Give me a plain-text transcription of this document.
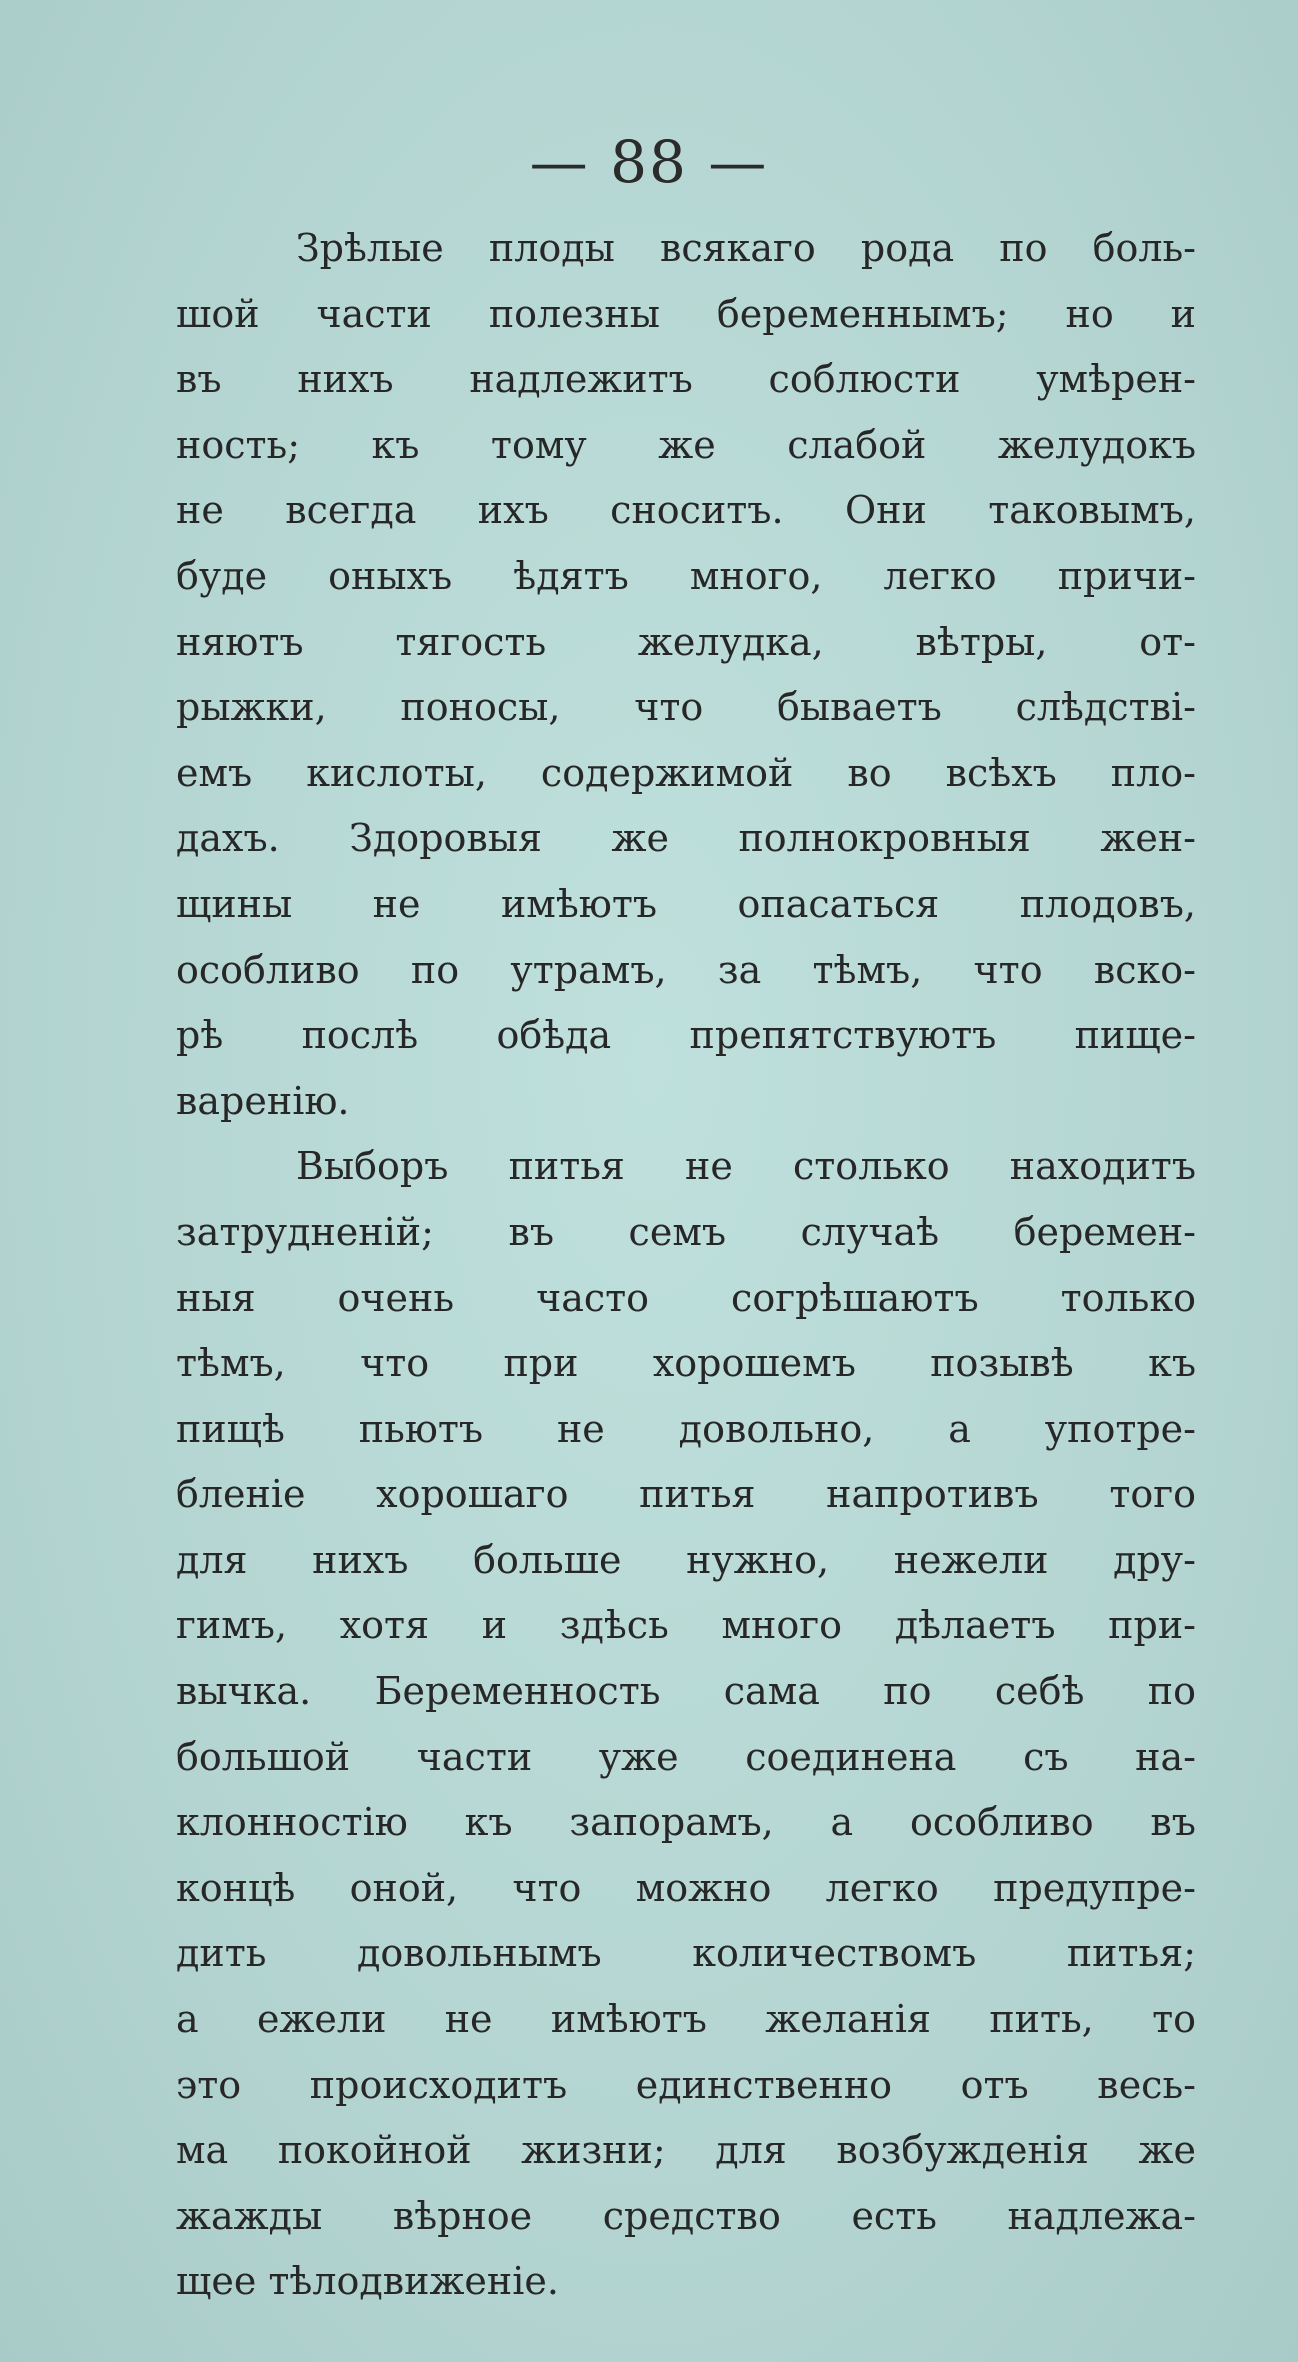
— 88 —
Зрѣлые плоды всякаго рода по боль-
шой части полезны беременнымъ; но и
въ нихъ надлежитъ соблюсти умѣрен-
ность; къ тому же слабой желудокъ
не всегда ихъ сноситъ. Они таковымъ,
буде оныхъ ѣдятъ много, легко причи-
няютъ тягость желудка, вѣтры, от-
рыжки, поносы, что бываетъ слѣдствi-
емъ кислоты, содержимой во всѣхъ пло-
дахъ. Здоровыя же полнокровныя жен-
щины не имѣютъ опасаться плодовъ,
особливо по утрамъ, за тѣмъ, что вско-
рѣ послѣ обѣда препятствуютъ пище-
варенiю.
Выборъ питья не столько находитъ
затрудненiй; въ семъ случаѣ беремен-
ныя очень часто согрѣшаютъ только
тѣмъ, что при хорошемъ позывѣ къ
пищѣ пьютъ не довольно, а употре-
бленiе хорошаго питья напротивъ того
для нихъ больше нужно, нежели дру-
гимъ, хотя и здѣсь много дѣлаетъ при-
вычка. Беременность сама по себѣ по
большой части уже соединена съ на-
клонностiю къ запорамъ, а особливо въ
концѣ оной, что можно легко предупре-
дить довольнымъ количествомъ питья;
а ежели не имѣютъ желанiя пить, то
это происходитъ единственно отъ весь-
ма покойной жизни; для возбужденiя же
жажды вѣрное средство есть надлежа-
щее тѣлодвиженiе.
